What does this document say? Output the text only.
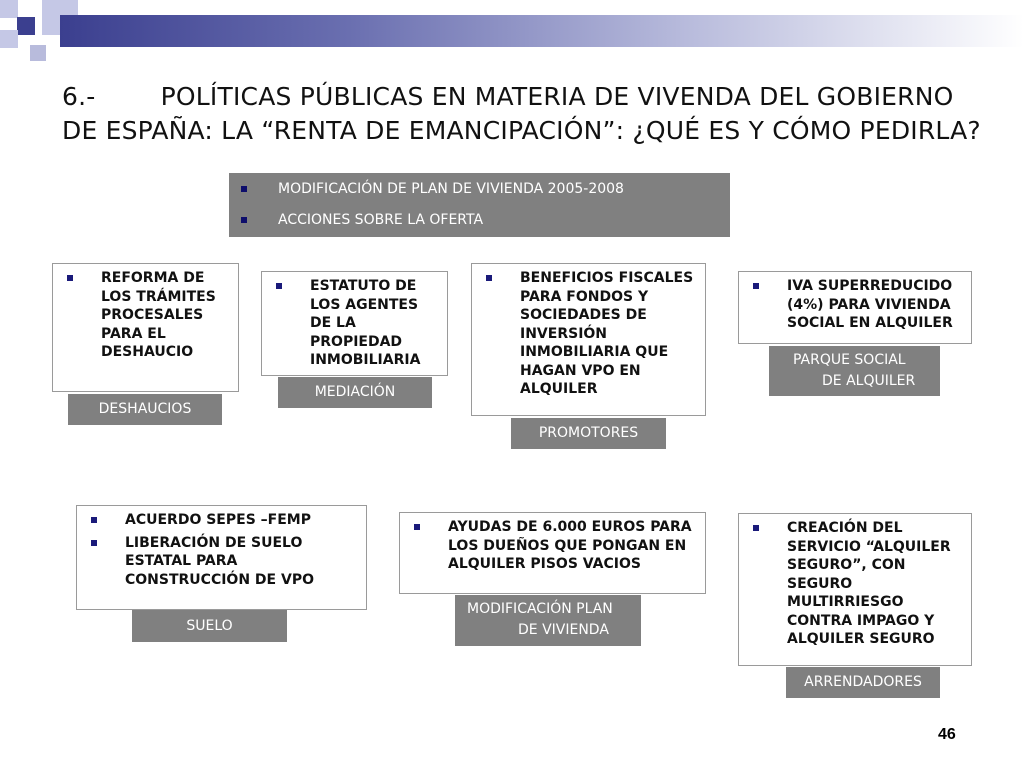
6.-        POLÍTICAS PÚBLICAS EN MATERIA DE VIVENDA DEL GOBIERNO DE ESPAÑA: LA “RENTA DE EMANCIPACIÓN”: ¿QUÉ ES Y CÓMO PEDIRLA?
MODIFICACIÓN DE PLAN DE VIVIENDA 2005-2008
ACCIONES SOBRE LA OFERTA
REFORMA DE LOS TRÁMITES PROCESALES PARA EL DESHAUCIO
DESHAUCIOS
ESTATUTO DE LOS AGENTES DE LA PROPIEDAD INMOBILIARIA
MEDIACIÓN
BENEFICIOS FISCALES PARA FONDOS Y SOCIEDADES DE INVERSIÓN INMOBILIARIA QUE HAGAN VPO EN ALQUILER
PROMOTORES
IVA SUPERREDUCIDO (4%) PARA VIVIENDA SOCIAL EN ALQUILER
PARQUE SOCIAL
DE ALQUILER
ACUERDO SEPES –FEMP
LIBERACIÓN DE SUELO ESTATAL PARA CONSTRUCCIÓN DE VPO
SUELO
AYUDAS DE 6.000 EUROS PARA LOS DUEÑOS QUE PONGAN EN ALQUILER PISOS VACIOS
MODIFICACIÓN PLAN
DE VIVIENDA
CREACIÓN DEL SERVICIO “ALQUILER SEGURO”, CON SEGURO MULTIRRIESGO CONTRA IMPAGO Y ALQUILER SEGURO
ARRENDADORES
46
